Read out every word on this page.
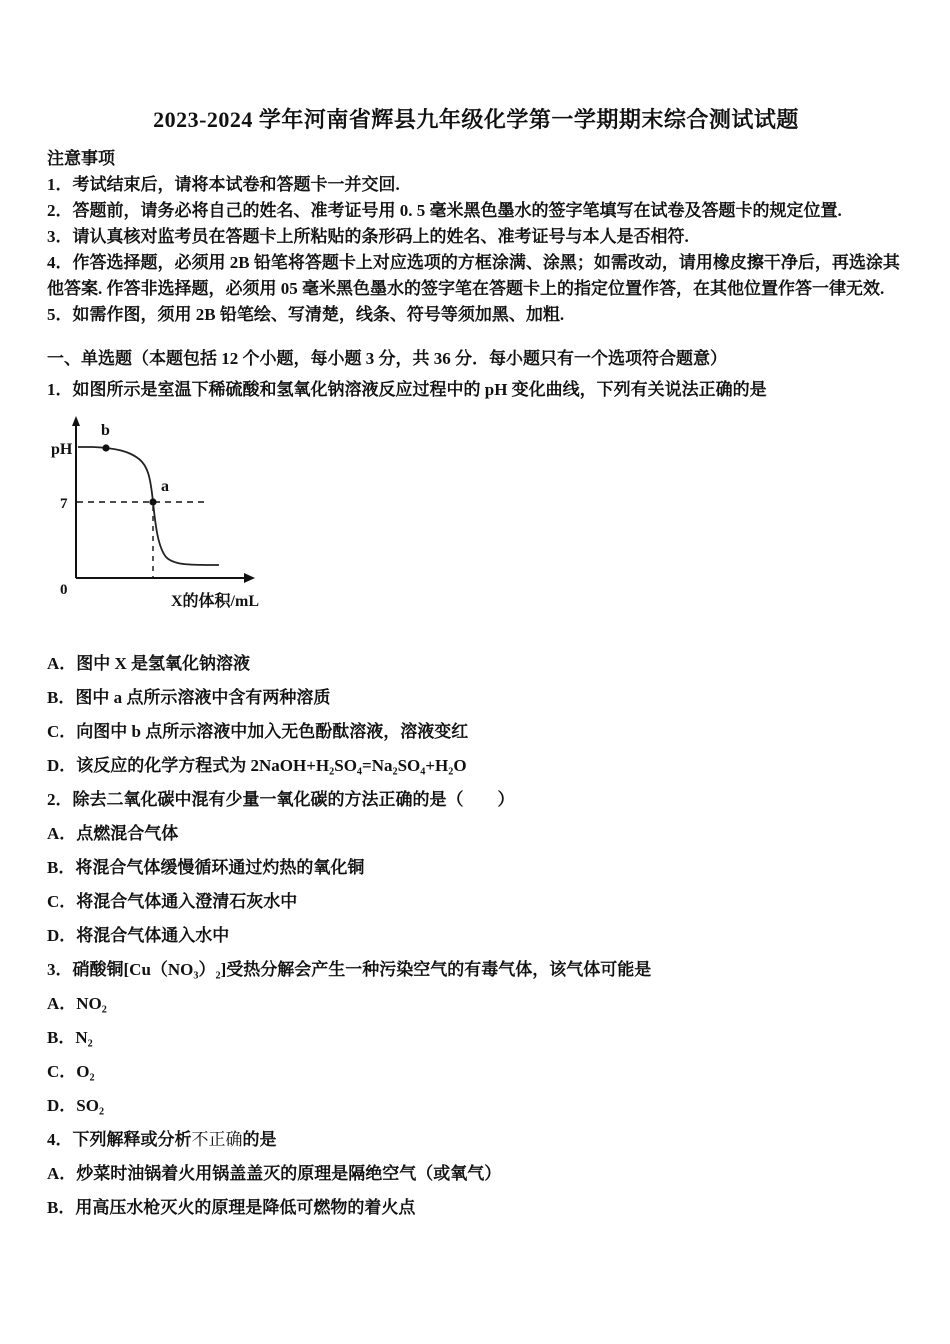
2023-2024 学年河南省辉县九年级化学第一学期期末综合测试试题

注意事项

1．考试结束后，请将本试卷和答题卡一并交回.

2．答题前，请务必将自己的姓名、准考证号用 0. 5 毫米黑色墨水的签字笔填写在试卷及答题卡的规定位置.

3．请认真核对监考员在答题卡上所粘贴的条形码上的姓名、准考证号与本人是否相符.

4．作答选择题，必须用 2B 铅笔将答题卡上对应选项的方框涂满、涂黑；如需改动，请用橡皮擦干净后，再选涂其他答案. 作答非选择题，必须用 05 毫米黑色墨水的签字笔在答题卡上的指定位置作答，在其他位置作答一律无效.

5．如需作图，须用 2B 铅笔绘、写清楚，线条、符号等须加黑、加粗.

一、单选题（本题包括 12 个小题，每小题 3 分，共 36 分．每小题只有一个选项符合题意）

1．如图所示是室温下稀硫酸和氢氧化钠溶液反应过程中的 pH 变化曲线，下列有关说法正确的是

b
a
pH
7
0
X的体积/mL

A．图中 X 是氢氧化钠溶液

B．图中 a 点所示溶液中含有两种溶质

C．向图中 b 点所示溶液中加入无色酚酞溶液，溶液变红

D．该反应的化学方程式为 2NaOH+H₂SO₄=Na₂SO₄+H₂O

2．除去二氧化碳中混有少量一氧化碳的方法正确的是（　　）

A．点燃混合气体

B．将混合气体缓慢循环通过灼热的氧化铜

C．将混合气体通入澄清石灰水中

D．将混合气体通入水中

3．硝酸铜[Cu（NO₃）₂]受热分解会产生一种污染空气的有毒气体，该气体可能是

A．NO₂

B．N₂

C．O₂

D．SO₂

4．下列解释或分析不正确的是

A．炒菜时油锅着火用锅盖盖灭的原理是隔绝空气（或氧气）

B．用高压水枪灭火的原理是降低可燃物的着火点
